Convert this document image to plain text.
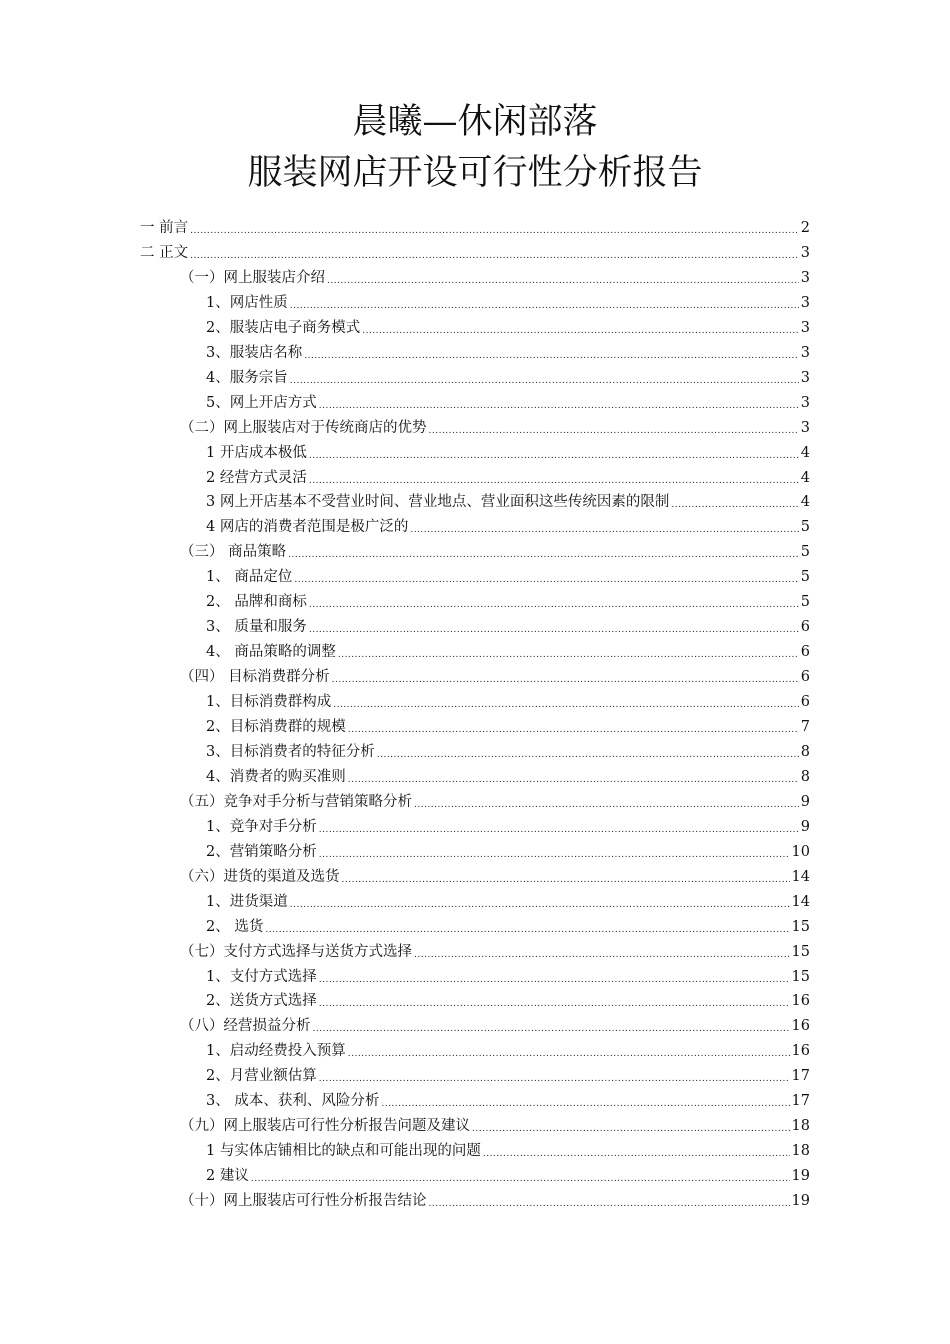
晨曦—休闲部落
服装网店开设可行性分析报告
一 前言 .....	2
二 正文 .....	3
（一）网上服装店介绍 .....	3
1、网店性质 .....	3
2、服装店电子商务模式 .....	3
3、服装店名称 .....	3
4、服务宗旨 .....	3
5、网上开店方式 .....	3
（二）网上服装店对于传统商店的优势 .....	3
1 开店成本极低 .....	4
2 经营方式灵活 .....	4
3 网上开店基本不受营业时间、营业地点、营业面积这些传统因素的限制 .....	4
4 网店的消费者范围是极广泛的 .....	5
（三） 商品策略 .....	5
1、 商品定位 .....	5
2、 品牌和商标 .....	5
3、 质量和服务 .....	6
4、 商品策略的调整 .....	6
（四） 目标消费群分析 .....	6
1、目标消费群构成 .....	6
2、目标消费群的规模 .....	7
3、目标消费者的特征分析 .....	8
4、消费者的购买准则 .....	8
（五）竞争对手分析与营销策略分析 .....	9
1、竞争对手分析 .....	9
2、营销策略分析 .....	10
（六）进货的渠道及选货 .....	14
1、进货渠道 .....	14
2、 选货 .....	15
（七）支付方式选择与送货方式选择 .....	15
1、支付方式选择 .....	15
2、送货方式选择 .....	16
（八）经营损益分析 .....	16
1、启动经费投入预算 .....	16
2、月营业额估算 .....	17
3、 成本、获利、风险分析 .....	17
（九）网上服装店可行性分析报告问题及建议 .....	18
1 与实体店铺相比的缺点和可能出现的问题 .....	18
2 建议 .....	19
（十）网上服装店可行性分析报告结论 .....	19
